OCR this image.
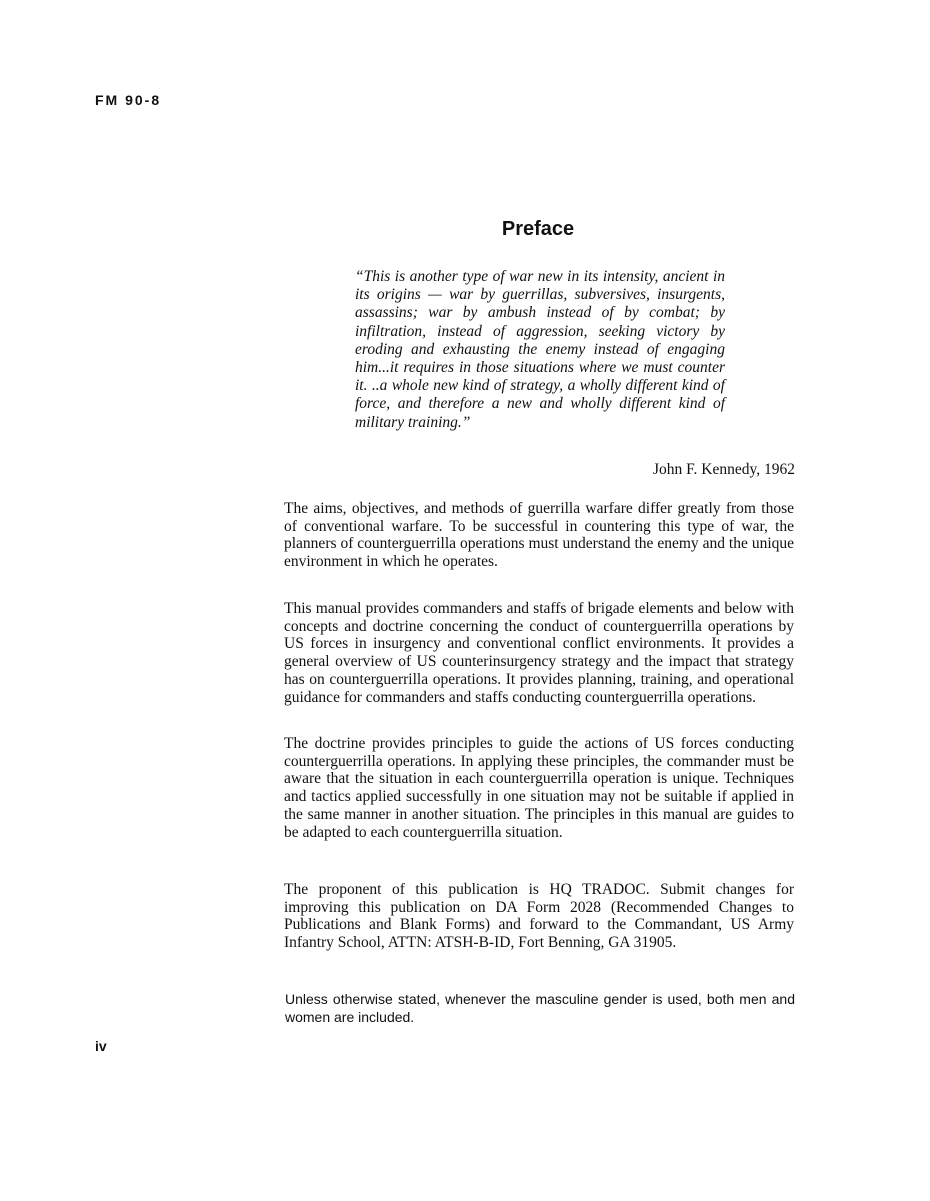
FM 90-8
Preface

“This is another type of war new in its intensity, ancient in its origins — war by guerrillas, subversives, insurgents, assassins; war by ambush instead of by combat; by infiltration, instead of aggression, seeking victory by eroding and exhausting the enemy instead of engaging him...it requires in those situations where we must counter it. ..a whole new kind of strategy, a wholly different kind of force, and therefore a new and wholly different kind of military training.”

John F. Kennedy, 1962

The aims, objectives, and methods of guerrilla warfare differ greatly from those of conventional warfare. To be successful in countering this type of war, the planners of counterguerrilla operations must understand the enemy and the unique environment in which he operates.

This manual provides commanders and staffs of brigade elements and below with concepts and doctrine concerning the conduct of counterguerrilla operations by US forces in insurgency and conventional conflict environments. It provides a general overview of US counterinsurgency strategy and the impact that strategy has on counterguerrilla operations. It provides planning, training, and operational guidance for commanders and staffs conducting counterguerrilla operations.

The doctrine provides principles to guide the actions of US forces conducting counterguerrilla operations. In applying these principles, the commander must be aware that the situation in each counterguerrilla operation is unique. Techniques and tactics applied successfully in one situation may not be suitable if applied in the same manner in another situation. The principles in this manual are guides to be adapted to each counterguerrilla situation.

The proponent of this publication is HQ TRADOC. Submit changes for improving this publication on DA Form 2028 (Recommended Changes to Publications and Blank Forms) and forward to the Commandant, US Army Infantry School, ATTN: ATSH-B-ID, Fort Benning, GA 31905.

Unless otherwise stated, whenever the masculine gender is used, both men and women are included.

iv
